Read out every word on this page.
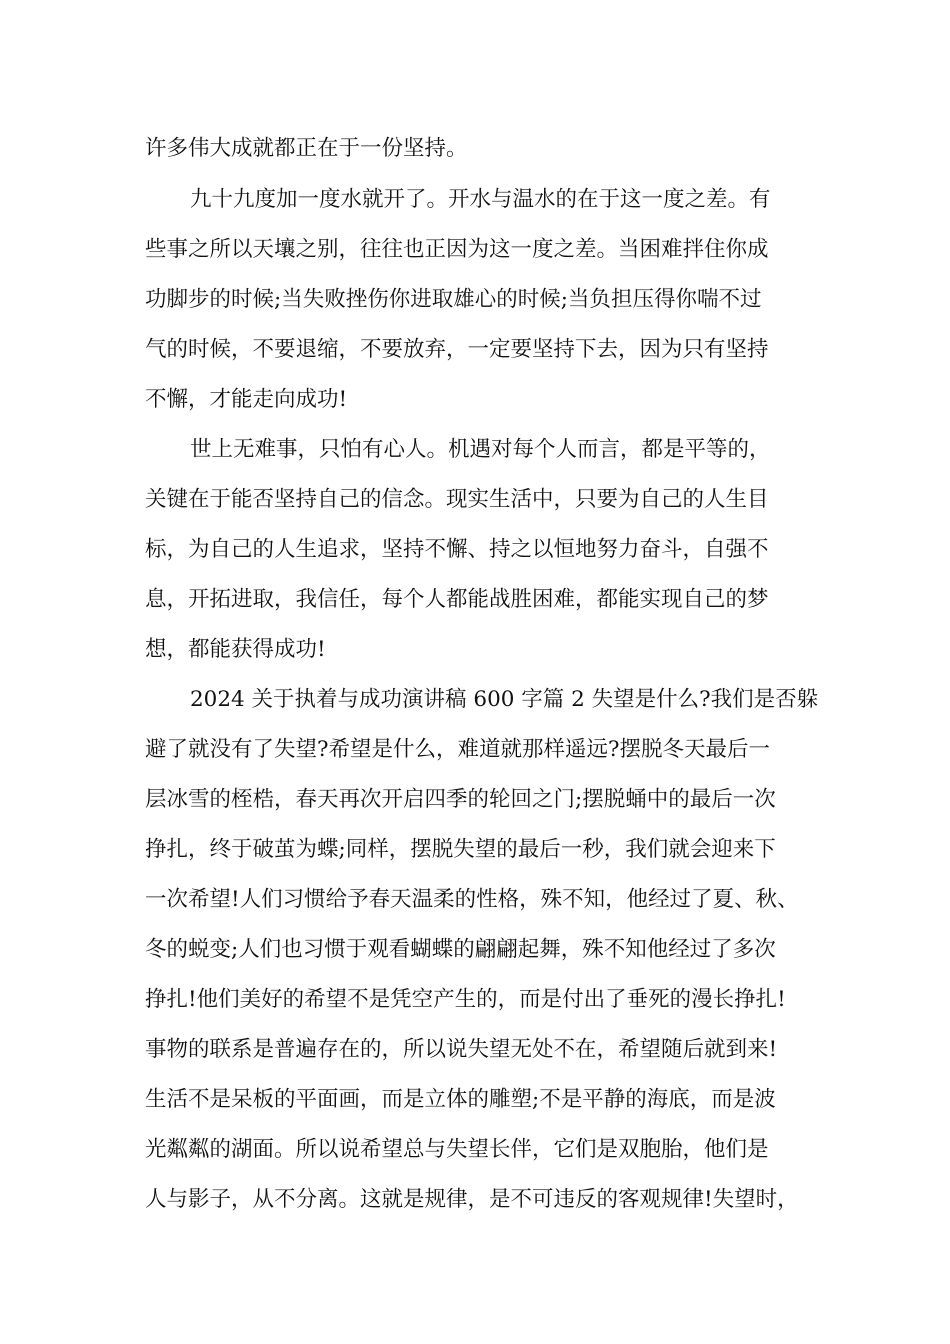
许多伟大成就都正在于一份坚持。
九十九度加一度水就开了。开水与温水的在于这一度之差。有
些事之所以天壤之别，往往也正因为这一度之差。当困难拌住你成
功脚步的时候;当失败挫伤你进取雄心的时候;当负担压得你喘不过
气的时候，不要退缩，不要放弃，一定要坚持下去，因为只有坚持
不懈，才能走向成功!
世上无难事，只怕有心人。机遇对每个人而言，都是平等的，
关键在于能否坚持自己的信念。现实生活中，只要为自己的人生目
标，为自己的人生追求，坚持不懈、持之以恒地努力奋斗，自强不
息，开拓进取，我信任，每个人都能战胜困难，都能实现自己的梦
想，都能获得成功!
2024 关于执着与成功演讲稿 600 字篇 2 失望是什么?我们是否躲
避了就没有了失望?希望是什么，难道就那样遥远?摆脱冬天最后一
层冰雪的桎梏，春天再次开启四季的轮回之门;摆脱蛹中的最后一次
挣扎，终于破茧为蝶;同样，摆脱失望的最后一秒，我们就会迎来下
一次希望!人们习惯给予春天温柔的性格，殊不知，他经过了夏、秋、
冬的蜕变;人们也习惯于观看蝴蝶的翩翩起舞，殊不知他经过了多次
挣扎!他们美好的希望不是凭空产生的，而是付出了垂死的漫长挣扎!
事物的联系是普遍存在的，所以说失望无处不在，希望随后就到来!
生活不是呆板的平面画，而是立体的雕塑;不是平静的海底，而是波
光粼粼的湖面。所以说希望总与失望长伴，它们是双胞胎，他们是
人与影子，从不分离。这就是规律，是不可违反的客观规律!失望时，
